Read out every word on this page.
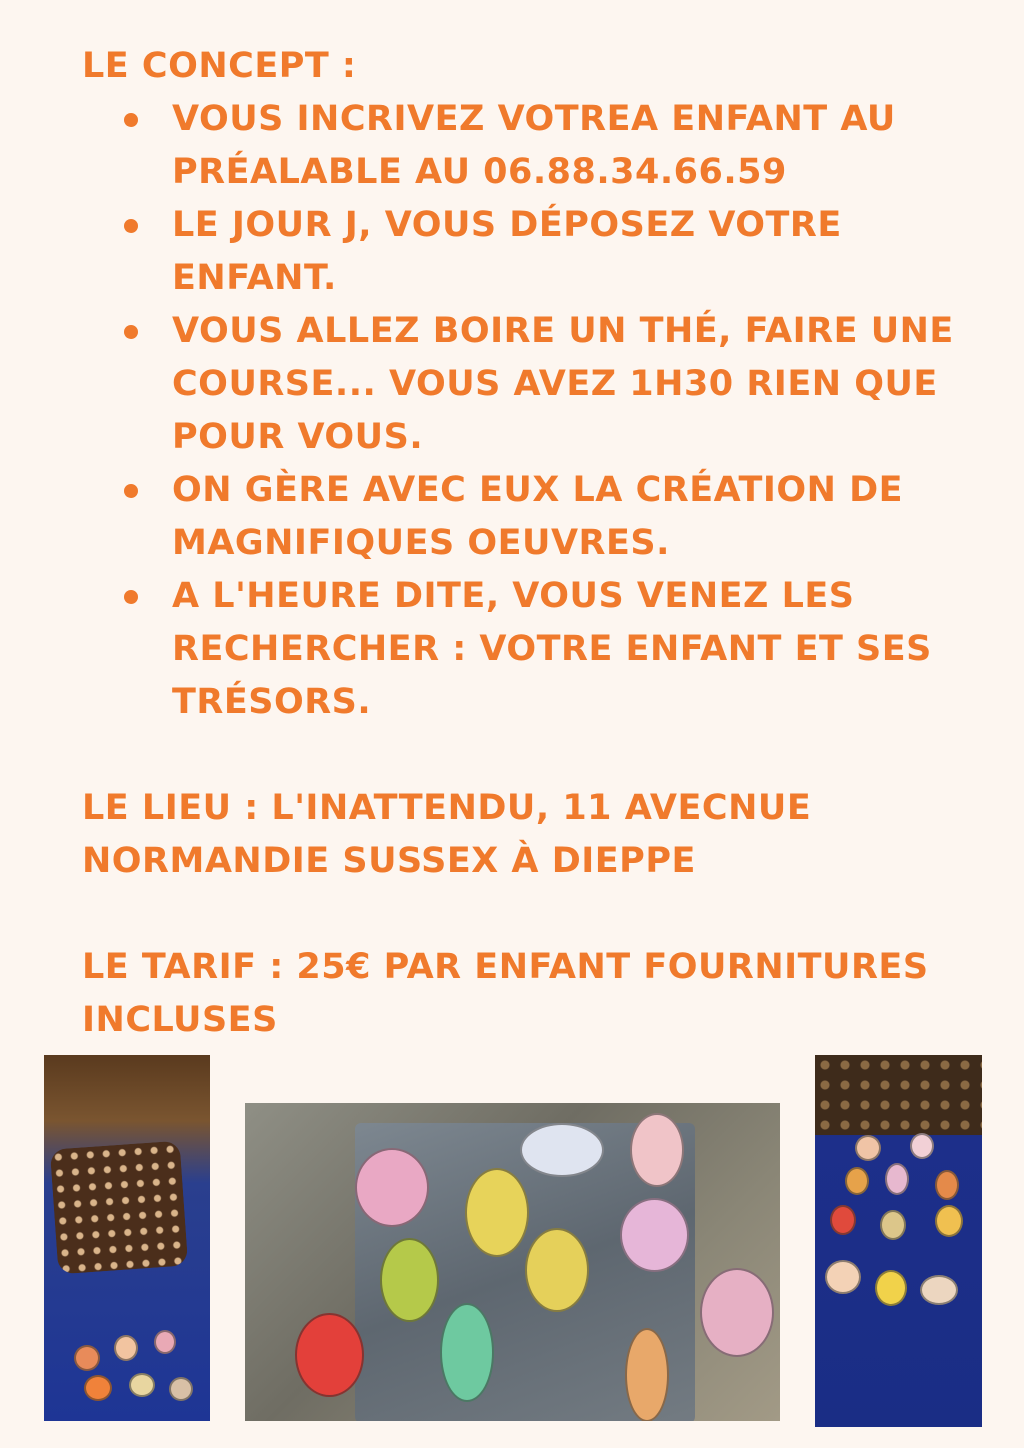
LE CONCEPT :

VOUS INCRIVEZ VOTREA ENFANT AU PRÉALABLE AU 06.88.34.66.59
LE JOUR J, VOUS DÉPOSEZ VOTRE ENFANT.
VOUS ALLEZ BOIRE UN THÉ, FAIRE UNE COURSE... VOUS AVEZ 1H30 RIEN QUE POUR VOUS.
ON GÈRE AVEC EUX LA CRÉATION DE MAGNIFIQUES OEUVRES.
A L'HEURE DITE, VOUS VENEZ LES RECHERCHER : VOTRE ENFANT ET SES TRÉSORS.

LE LIEU : L'INATTENDU, 11 AVECNUE NORMANDIE SUSSEX À DIEPPE

LE TARIF : 25€ PAR ENFANT FOURNITURES INCLUSES
